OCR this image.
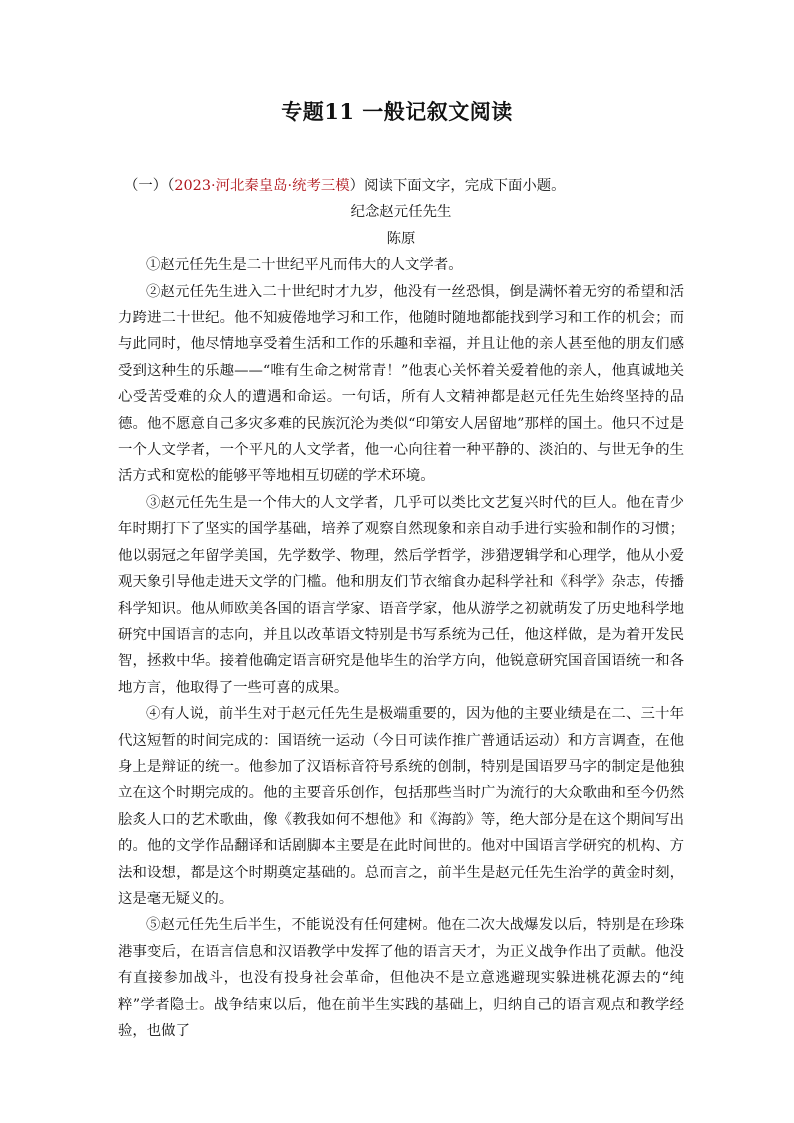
专题11 一般记叙文阅读

（一）（2023·河北秦皇岛·统考三模）阅读下面文字，完成下面小题。

纪念赵元任先生

陈原

①赵元任先生是二十世纪平凡而伟大的人文学者。

②赵元任先生进入二十世纪时才九岁，他没有一丝恐惧，倒是满怀着无穷的希望和活力跨进二十世纪。他不知疲倦地学习和工作，他随时随地都能找到学习和工作的机会；而与此同时，他尽情地享受着生活和工作的乐趣和幸福，并且让他的亲人甚至他的朋友们感受到这种生的乐趣——“唯有生命之树常青！”他衷心关怀着关爱着他的亲人，他真诚地关心受苦受难的众人的遭遇和命运。一句话，所有人文精神都是赵元任先生始终坚持的品德。他不愿意自己多灾多难的民族沉沦为类似“印第安人居留地”那样的国土。他只不过是一个人文学者，一个平凡的人文学者，他一心向往着一种平静的、淡泊的、与世无争的生活方式和宽松的能够平等地相互切磋的学术环境。

③赵元任先生是一个伟大的人文学者，几乎可以类比文艺复兴时代的巨人。他在青少年时期打下了坚实的国学基础，培养了观察自然现象和亲自动手进行实验和制作的习惯；他以弱冠之年留学美国，先学数学、物理，然后学哲学，涉猎逻辑学和心理学，他从小爱观天象引导他走进天文学的门槛。他和朋友们节衣缩食办起科学社和《科学》杂志，传播科学知识。他从师欧美各国的语言学家、语音学家，他从游学之初就萌发了历史地科学地研究中国语言的志向，并且以改革语文特别是书写系统为己任，他这样做，是为着开发民智，拯救中华。接着他确定语言研究是他毕生的治学方向，他锐意研究国音国语统一和各地方言，他取得了一些可喜的成果。

④有人说，前半生对于赵元任先生是极端重要的，因为他的主要业绩是在二、三十年代这短暂的时间完成的：国语统一运动（今日可读作推广普通话运动）和方言调查，在他身上是辩证的统一。他参加了汉语标音符号系统的创制，特别是国语罗马字的制定是他独立在这个时期完成的。他的主要音乐创作，包括那些当时广为流行的大众歌曲和至今仍然脍炙人口的艺术歌曲，像《教我如何不想他》和《海韵》等，绝大部分是在这个期间写出的。他的文学作品翻译和话剧脚本主要是在此时间世的。他对中国语言学研究的机构、方法和设想，都是这个时期奠定基础的。总而言之，前半生是赵元任先生治学的黄金时刻，这是毫无疑义的。

⑤赵元任先生后半生，不能说没有任何建树。他在二次大战爆发以后，特别是在珍珠港事变后，在语言信息和汉语教学中发挥了他的语言天才，为正义战争作出了贡献。他没有直接参加战斗，也没有投身社会革命，但他决不是立意逃避现实躲进桃花源去的“纯粹”学者隐士。战争结束以后，他在前半生实践的基础上，归纳自己的语言观点和教学经验，也做了
